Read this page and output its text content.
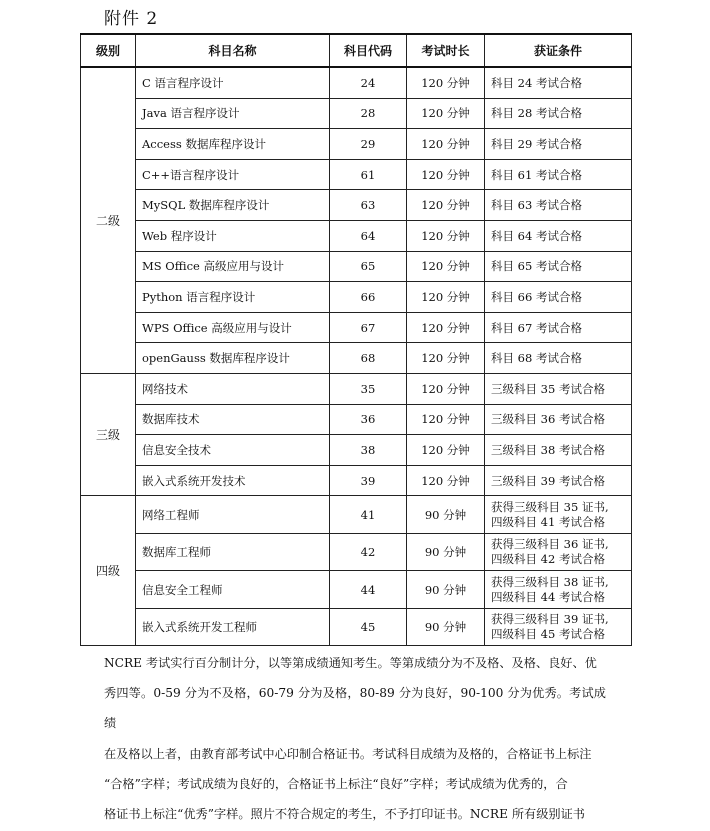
附件 2
级别	科目名称	科目代码	考试时长	获证条件
二级	C 语言程序设计	24	120 分钟	科目 24 考试合格
	Java 语言程序设计	28	120 分钟	科目 28 考试合格
	Access 数据库程序设计	29	120 分钟	科目 29 考试合格
	C++语言程序设计	61	120 分钟	科目 61 考试合格
	MySQL 数据库程序设计	63	120 分钟	科目 63 考试合格
	Web 程序设计	64	120 分钟	科目 64 考试合格
	MS Office 高级应用与设计	65	120 分钟	科目 65 考试合格
	Python 语言程序设计	66	120 分钟	科目 66 考试合格
	WPS Office 高级应用与设计	67	120 分钟	科目 67 考试合格
	openGauss 数据库程序设计	68	120 分钟	科目 68 考试合格
三级	网络技术	35	120 分钟	三级科目 35 考试合格
	数据库技术	36	120 分钟	三级科目 36 考试合格
	信息安全技术	38	120 分钟	三级科目 38 考试合格
	嵌入式系统开发技术	39	120 分钟	三级科目 39 考试合格
四级	网络工程师	41	90 分钟	获得三级科目 35 证书,
四级科目 41 考试合格

	数据库工程师	42	90 分钟	获得三级科目 36 证书,
四级科目 42 考试合格

	信息安全工程师	44	90 分钟	获得三级科目 38 证书,
四级科目 44 考试合格

	嵌入式系统开发工程师	45	90 分钟	获得三级科目 39 证书,
四级科目 45 考试合格
NCRE 考试实行百分制计分，以等第成绩通知考生。等第成绩分为不及格、及格、良好、优
秀四等。0-59 分为不及格，60-79 分为及格，80-89 分为良好，90-100 分为优秀。考试成绩
在及格以上者，由教育部考试中心印制合格证书。考试科目成绩为及格的，合格证书上标注
“合格”字样；考试成绩为良好的，合格证书上标注“良好”字样；考试成绩为优秀的，合
格证书上标注“优秀”字样。照片不符合规定的考生，不予打印证书。NCRE 所有级别证书
